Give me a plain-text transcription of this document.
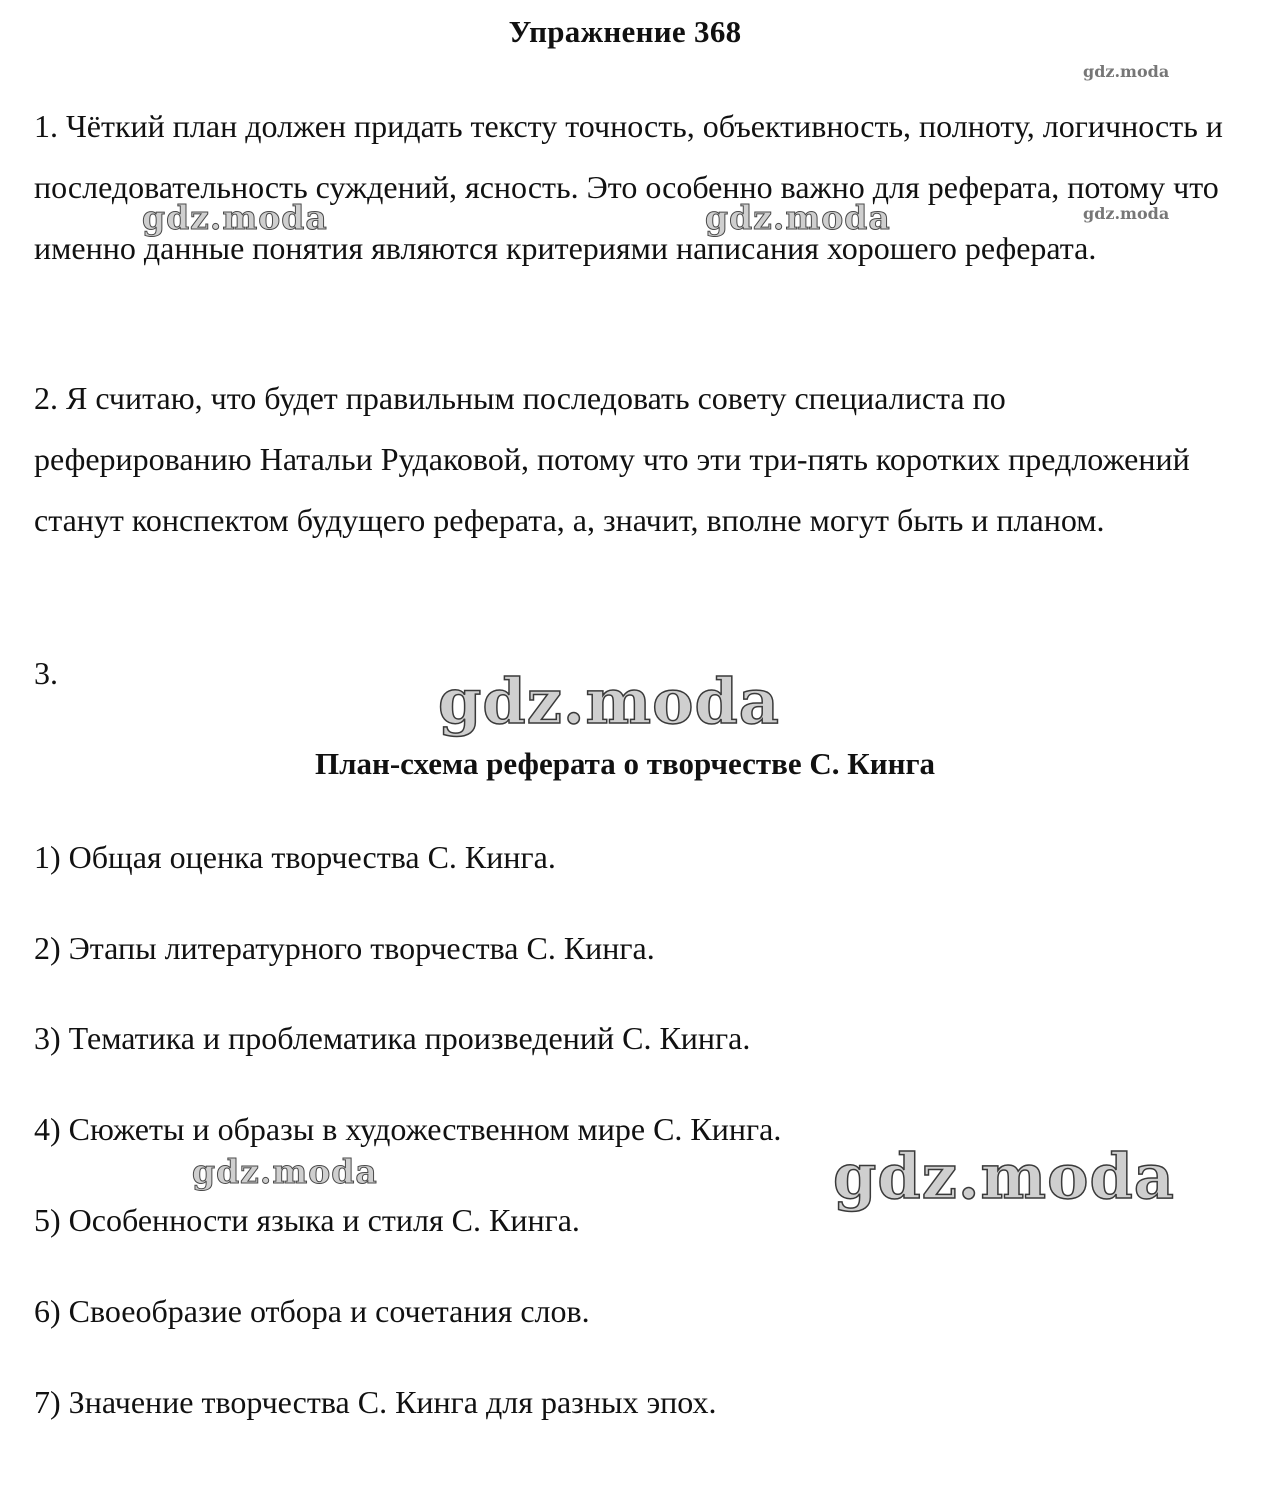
Упражнение 368

1. Чёткий план должен придать тексту точность, объективность, полноту, логичность и последовательность суждений, ясность. Это особенно важно для реферата, потому что именно данные понятия являются критериями написания хорошего реферата.

2. Я считаю, что будет правильным последовать совету специалиста по реферированию Натальи Рудаковой, потому что эти три-пять коротких предложений станут конспектом будущего реферата, а, значит, вполне могут быть и планом.

3.
План-схема реферата о творчестве С. Кинга
1) Общая оценка творчества С. Кинга.
2) Этапы литературного творчества С. Кинга.
3) Тематика и проблематика произведений С. Кинга.
4) Сюжеты и образы в художественном мире С. Кинга.
5) Особенности языка и стиля С. Кинга.
6) Своеобразие отбора и сочетания слов.
7) Значение творчества С. Кинга для разных эпох.
gdz.moda
gdz.moda	gdz.moda	gdz.moda
gdz.moda
gdz.moda	gdz.moda
